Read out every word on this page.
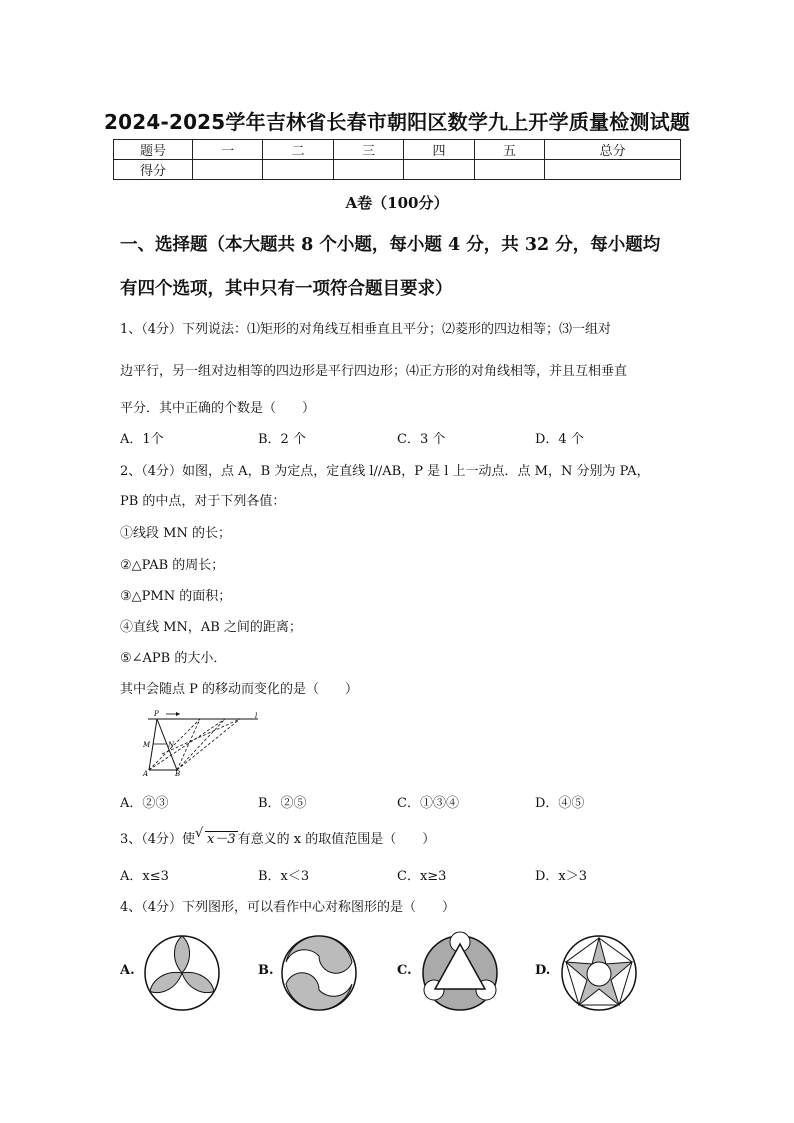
2024-2025学年吉林省长春市朝阳区数学九上开学质量检测试题
题号	一	二	三	四	五	总分
得分						
A卷（100分）
一、选择题（本大题共 8 个小题，每小题 4 分，共 32 分，每小题均
有四个选项，其中只有一项符合题目要求）
1、（4分）下列说法：⑴矩形的对角线互相垂直且平分；⑵菱形的四边相等；⑶一组对
边平行，另一组对边相等的四边形是平行四边形；⑷正方形的对角线相等，并且互相垂直
平分．其中正确的个数是（　　）
A．1个	B．2 个	C．3 个	D．4 个
2、（4分）如图，点 A，B 为定点，定直线 l//AB，P 是 l 上一动点．点 M，N 分别为 PA，
PB 的中点，对于下列各值：
①线段 MN 的长；
②△PAB 的周长；
③△PMN 的面积；
④直线 MN，AB 之间的距离；
⑤∠APB 的大小．
其中会随点 P 的移动而变化的是（　　）
P	l
M	N
A	B
A．②③	B．②⑤	C．①③④	D．④⑤
3、（4分）使 √ x－3 有意义的 x 的取值范围是（　　）
A．x≤3	B．x＜3	C．x≥3	D．x＞3
4、（4分）下列图形，可以看作中心对称图形的是（　　）
A.	B.	C.	D.
